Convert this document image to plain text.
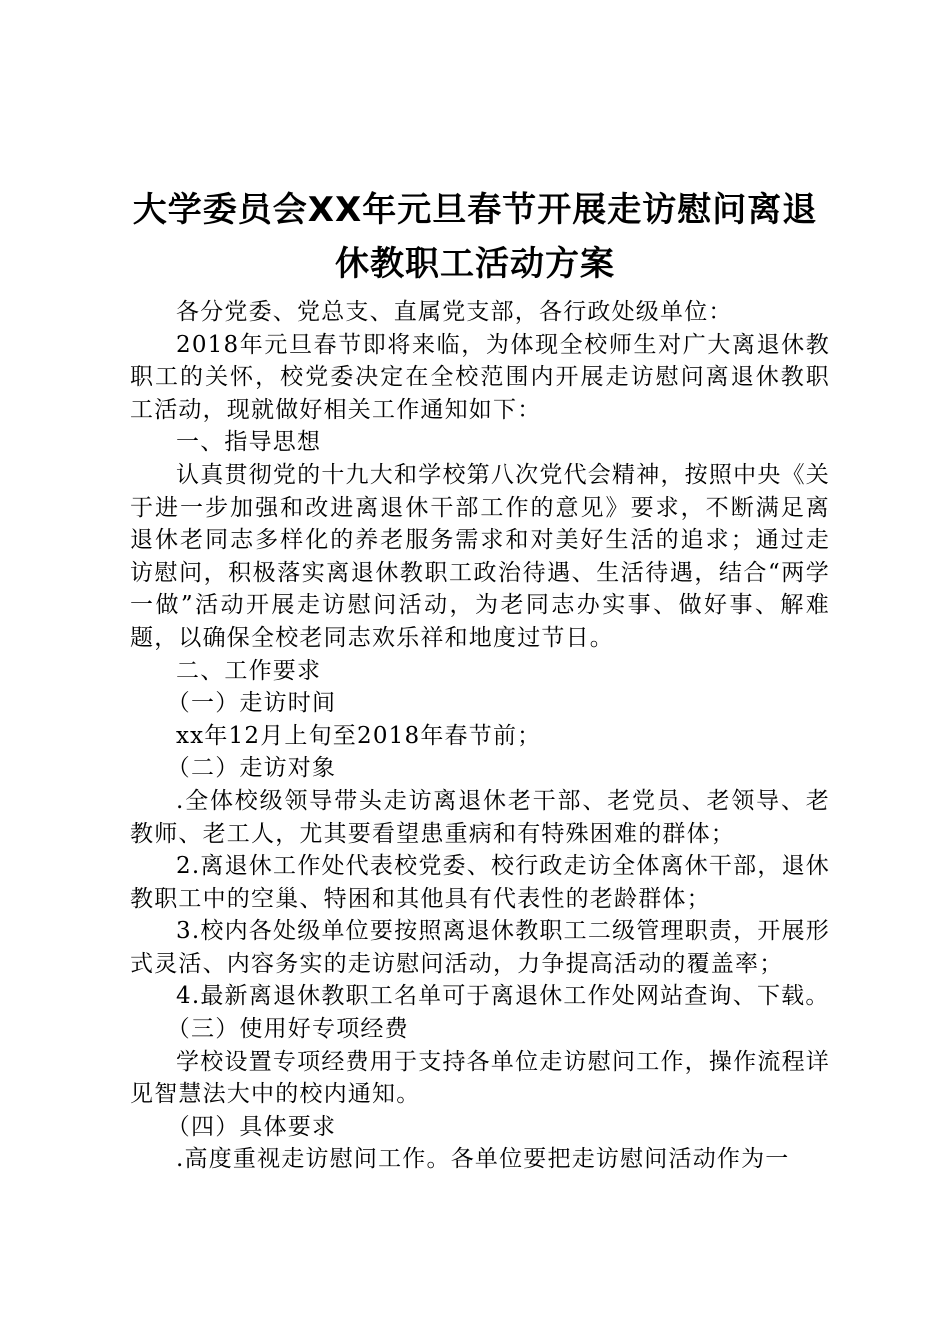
大学委员会XX年元旦春节开展走访慰问离退
休教职工活动方案

各分党委、党总支、直属党支部，各行政处级单位：

2018年元旦春节即将来临，为体现全校师生对广大离退休教职工的关怀，校党委决定在全校范围内开展走访慰问离退休教职工活动，现就做好相关工作通知如下：

一、指导思想

认真贯彻党的十九大和学校第八次党代会精神，按照中央《关于进一步加强和改进离退休干部工作的意见》要求，不断满足离退休老同志多样化的养老服务需求和对美好生活的追求；通过走访慰问，积极落实离退休教职工政治待遇、生活待遇，结合“两学一做”活动开展走访慰问活动，为老同志办实事、做好事、解难题，以确保全校老同志欢乐祥和地度过节日。

二、工作要求

（一）走访时间

xx年12月上旬至2018年春节前；

（二）走访对象

.全体校级领导带头走访离退休老干部、老党员、老领导、老教师、老工人，尤其要看望患重病和有特殊困难的群体；

2.离退休工作处代表校党委、校行政走访全体离休干部，退休教职工中的空巢、特困和其他具有代表性的老龄群体；

3.校内各处级单位要按照离退休教职工二级管理职责，开展形式灵活、内容务实的走访慰问活动，力争提高活动的覆盖率；

4.最新离退休教职工名单可于离退休工作处网站查询、下载。

（三）使用好专项经费

学校设置专项经费用于支持各单位走访慰问工作，操作流程详见智慧法大中的校内通知。

（四）具体要求

.高度重视走访慰问工作。各单位要把走访慰问活动作为一
